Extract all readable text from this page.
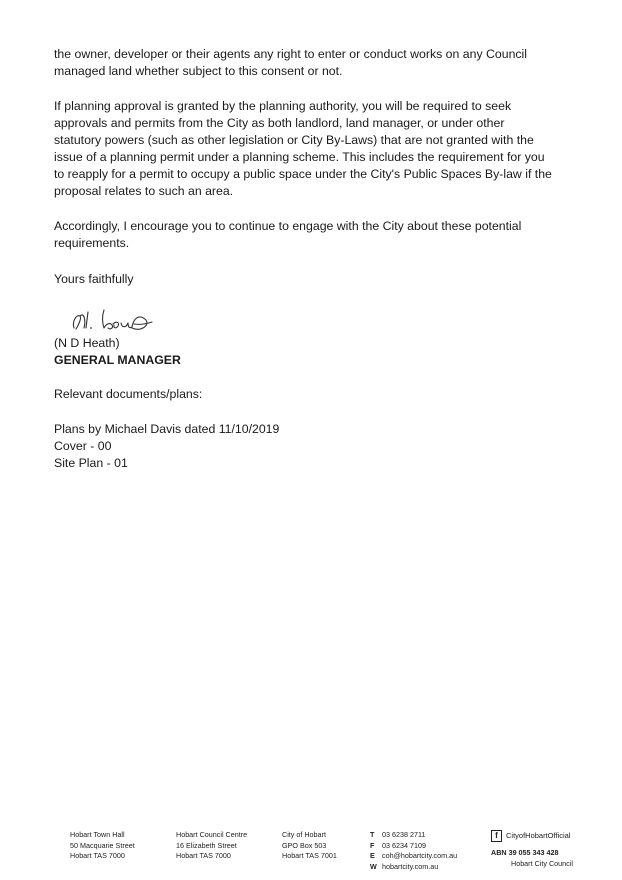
the owner, developer or their agents any right to enter or conduct works on any Council managed land whether subject to this consent or not.

If planning approval is granted by the planning authority, you will be required to seek approvals and permits from the City as both landlord, land manager, or under other statutory powers (such as other legislation or City By-Laws) that are not granted with the issue of a planning permit under a planning scheme. This includes the requirement for you to reapply for a permit to occupy a public space under the City's Public Spaces By-law if the proposal relates to such an area.

Accordingly, I encourage you to continue to engage with the City about these potential requirements.

Yours faithfully

(N D Heath)

GENERAL MANAGER

Relevant documents/plans:

Plans by Michael Davis dated 11/10/2019

Cover - 00

Site Plan - 01

Hobart Town Hall
50 Macquarie Street
Hobart TAS 7000
Hobart Council Centre
16 Elizabeth Street
Hobart TAS 7000
City of Hobart
GPO Box 503
Hobart TAS 7001
T 03 6238 2711
F 03 6234 7109
E coh@hobartcity.com.au
W hobartcity.com.au
f	CityofHobartOfficial
ABN 39 055 343 428
Hobart City Council
